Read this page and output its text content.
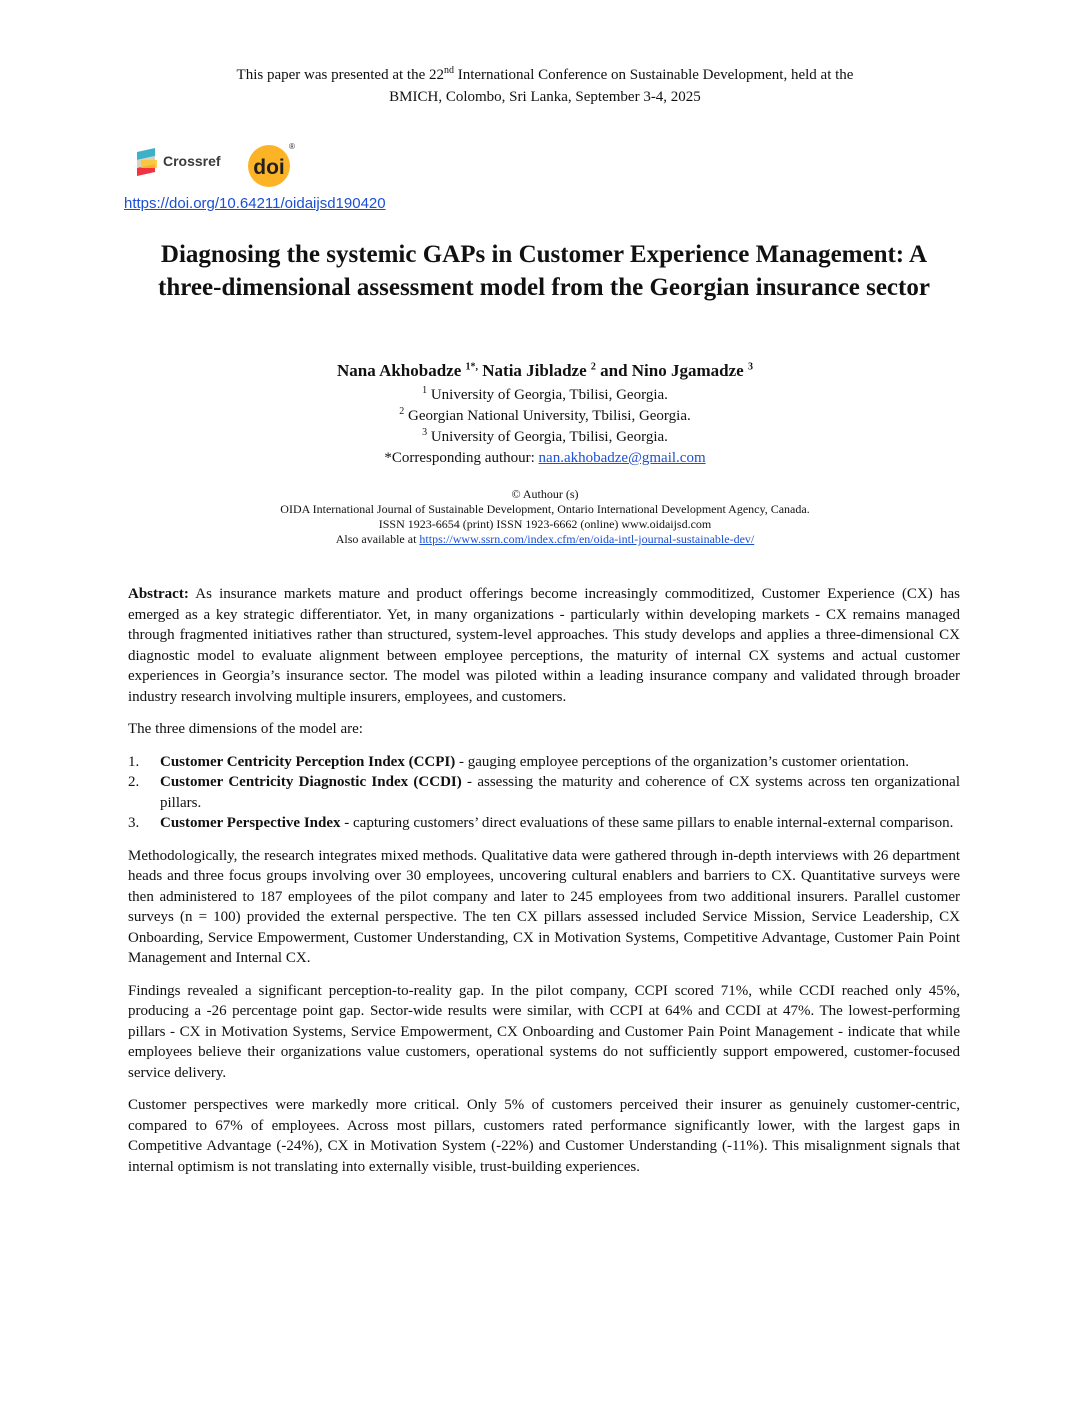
This paper was presented at the 22nd International Conference on Sustainable Development, held at the
BMICH, Colombo, Sri Lanka, September 3-4, 2025
Crossref doi
®
https://doi.org/10.64211/oidaijsd190420
Diagnosing the systemic GAPs in Customer Experience Management: A three-dimensional assessment model from the Georgian insurance sector
Nana Akhobadze $^{1*,}$ Natia Jibladze $^2$ and Nino Jgamadze $^3$
$^1$ University of Georgia, Tbilisi, Georgia.
$^2$ Georgian National University, Tbilisi, Georgia.
$^3$ University of Georgia, Tbilisi, Georgia.
*Corresponding authour: nan.akhobadze@gmail.com
© Authour (s)
OIDA International Journal of Sustainable Development, Ontario International Development Agency, Canada.
ISSN 1923-6654 (print) ISSN 1923-6662 (online) www.oidaijsd.com
Also available at https://www.ssrn.com/index.cfm/en/oida-intl-journal-sustainable-dev/

Abstract: As insurance markets mature and product offerings become increasingly commoditized, Customer Experience (CX) has emerged as a key strategic differentiator. Yet, in many organizations - particularly within developing markets - CX remains managed through fragmented initiatives rather than structured, system-level approaches. This study develops and applies a three-dimensional CX diagnostic model to evaluate alignment between employee perceptions, the maturity of internal CX systems and actual customer experiences in Georgia’s insurance sector. The model was piloted within a leading insurance company and validated through broader industry research involving multiple insurers, employees, and customers.

The three dimensions of the model are:

1. Customer Centricity Perception Index (CCPI) - gauging employee perceptions of the organization’s customer orientation.
2. Customer Centricity Diagnostic Index (CCDI) - assessing the maturity and coherence of CX systems across ten organizational pillars.
3. Customer Perspective Index - capturing customers’ direct evaluations of these same pillars to enable internal-external comparison.

Methodologically, the research integrates mixed methods. Qualitative data were gathered through in-depth interviews with 26 department heads and three focus groups involving over 30 employees, uncovering cultural enablers and barriers to CX. Quantitative surveys were then administered to 187 employees of the pilot company and later to 245 employees from two additional insurers. Parallel customer surveys (n = 100) provided the external perspective. The ten CX pillars assessed included Service Mission, Service Leadership, CX Onboarding, Service Empowerment, Customer Understanding, CX in Motivation Systems, Competitive Advantage, Customer Pain Point Management and Internal CX.

Findings revealed a significant perception-to-reality gap. In the pilot company, CCPI scored 71%, while CCDI reached only 45%, producing a -26 percentage point gap. Sector-wide results were similar, with CCPI at 64% and CCDI at 47%. The lowest-performing pillars - CX in Motivation Systems, Service Empowerment, CX Onboarding and Customer Pain Point Management - indicate that while employees believe their organizations value customers, operational systems do not sufficiently support empowered, customer-focused service delivery.

Customer perspectives were markedly more critical. Only 5% of customers perceived their insurer as genuinely customer-centric, compared to 67% of employees. Across most pillars, customers rated performance significantly lower, with the largest gaps in Competitive Advantage (-24%), CX in Motivation System (-22%) and Customer Understanding (-11%). This misalignment signals that internal optimism is not translating into externally visible, trust-building experiences.
